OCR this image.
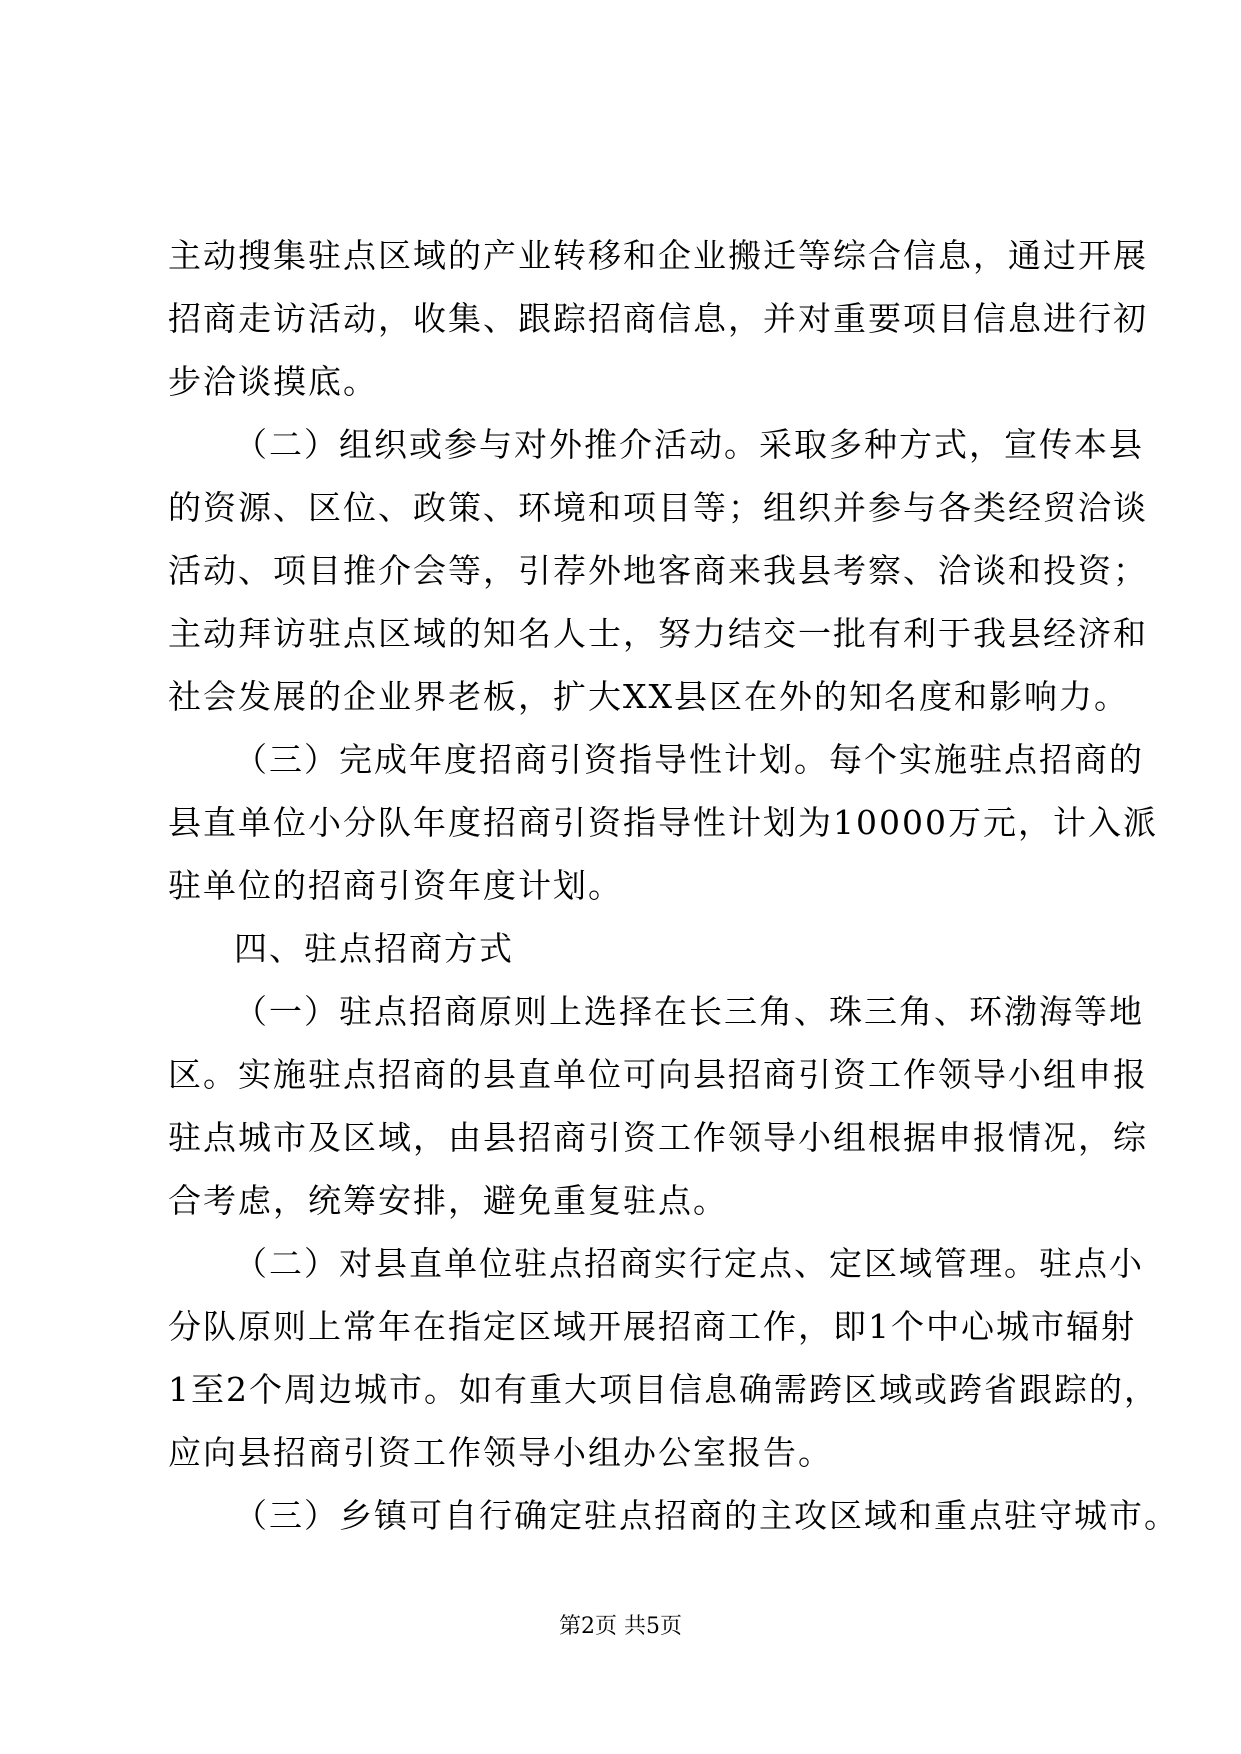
主动搜集驻点区域的产业转移和企业搬迁等综合信息，通过开展
招商走访活动，收集、跟踪招商信息，并对重要项目信息进行初
步洽谈摸底。

（二）组织或参与对外推介活动。采取多种方式，宣传本县
的资源、区位、政策、环境和项目等；组织并参与各类经贸洽谈
活动、项目推介会等，引荐外地客商来我县考察、洽谈和投资；
主动拜访驻点区域的知名人士，努力结交一批有利于我县经济和
社会发展的企业界老板，扩大XX县区在外的知名度和影响力。

（三）完成年度招商引资指导性计划。每个实施驻点招商的
县直单位小分队年度招商引资指导性计划为10000万元，计入派
驻单位的招商引资年度计划。

四、驻点招商方式

（一）驻点招商原则上选择在长三角、珠三角、环渤海等地
区。实施驻点招商的县直单位可向县招商引资工作领导小组申报
驻点城市及区域，由县招商引资工作领导小组根据申报情况，综
合考虑，统筹安排，避免重复驻点。

（二）对县直单位驻点招商实行定点、定区域管理。驻点小
分队原则上常年在指定区域开展招商工作，即1个中心城市辐射
1至2个周边城市。如有重大项目信息确需跨区域或跨省跟踪的，
应向县招商引资工作领导小组办公室报告。

（三）乡镇可自行确定驻点招商的主攻区域和重点驻守城市。

第2页 共5页
